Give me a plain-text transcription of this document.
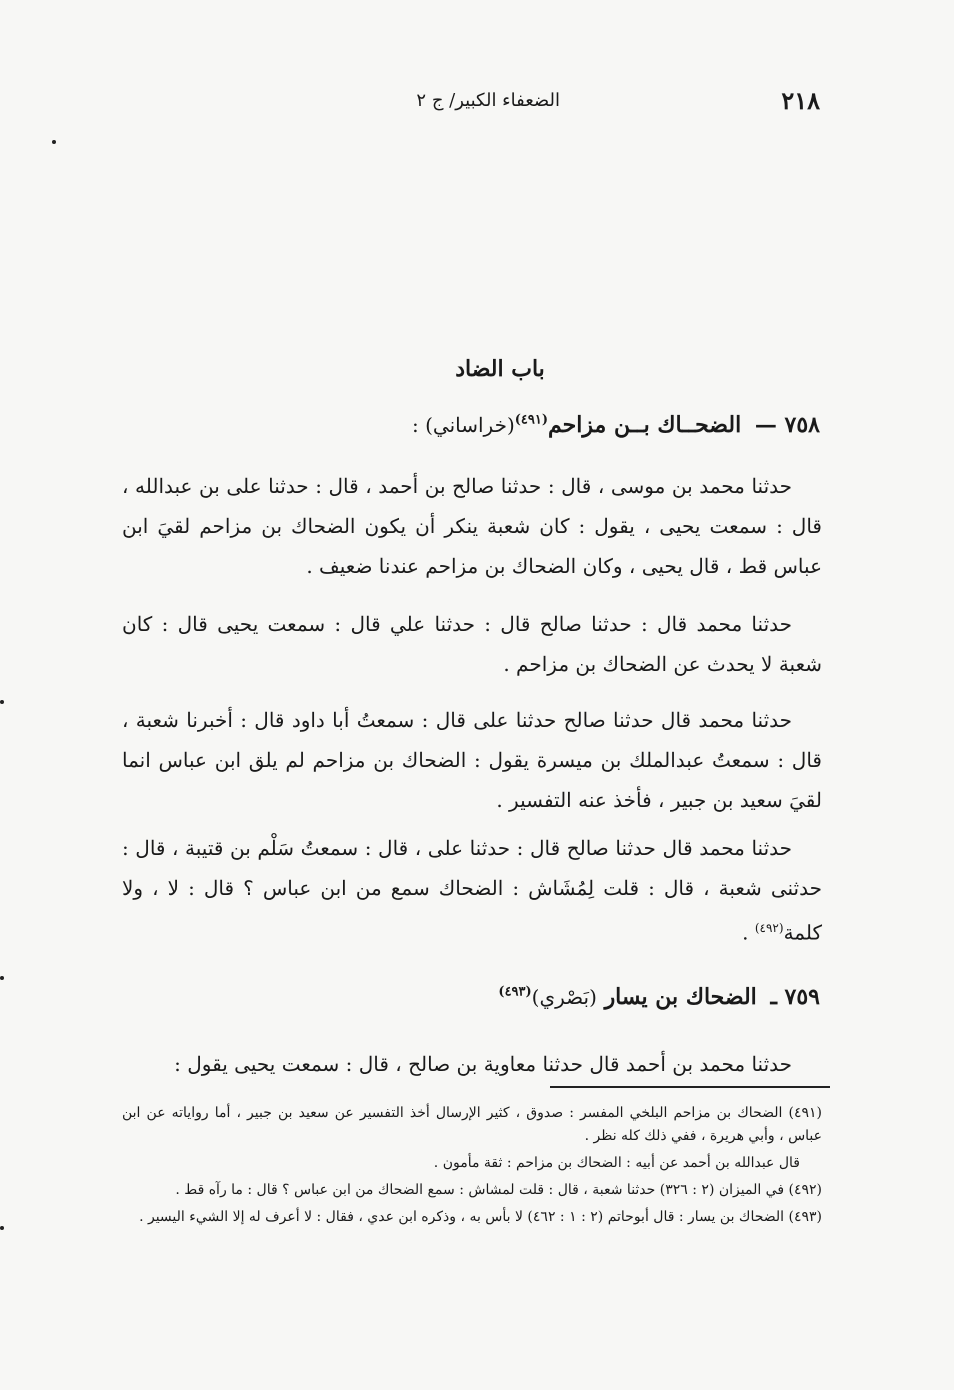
٢١٨
الضعفاء الكبير/ ج ٢
باب الضاد
٧٥٨ — الضحــاك بــن مزاحم$^{(٤٩١)}$(خراساني) :
حدثنا محمد بن موسى ، قال : حدثنا صالح بن أحمد ، قال : حدثنا على بن عبدالله ، قال : سمعت يحيى ، يقول : كان شعبة ينكر أن يكون الضحاك بن مزاحم لقيَ ابن عباس قط ، قال يحيى ، وكان الضحاك بن مزاحم عندنا ضعيف .
حدثنا محمد قال : حدثنا صالح قال : حدثنا علي قال : سمعت يحيى قال : كان شعبة لا يحدث عن الضحاك بن مزاحم .
حدثنا محمد قال حدثنا صالح حدثنا على قال : سمعتُ أبا داود قال : أخبرنا شعبة ، قال : سمعتُ عبدالملك بن ميسرة يقول : الضحاك بن مزاحم لم يلق ابن عباس انما لقيَ سعيد بن جبير ، فأخذ عنه التفسير .
حدثنا محمد قال حدثنا صالح قال : حدثنا على ، قال : سمعتُ سَلْم بن قتيبة ، قال : حدثنى شعبة ، قال : قلت لِمُشَاش : الضحاك سمع من ابن عباس ؟ قال : لا ، ولا كلمة$^{(٤٩٢)}$ .
٧٥٩ ـ الضحاك بن يسار (بَصْري)$^{(٤٩٣)}$
حدثنا محمد بن أحمد قال حدثنا معاوية بن صالح ، قال : سمعت يحيى يقول :

(٤٩١) الضحاك بن مزاحم البلخي المفسر : صدوق ، كثير الإرسال أخذ التفسير عن سعيد بن جبير ، أما رواياته عن ابن عباس ، وأبي هريرة ، ففي ذلك كله نظر .

قال عبدالله بن أحمد عن أبيه : الضحاك بن مزاحم : ثقة مأمون .

(٤٩٢) في الميزان (٢ : ٣٢٦) حدثنا شعبة ، قال : قلت لمشاش : سمع الضحاك من ابن عباس ؟ قال : ما رآه قط .

(٤٩٣) الضحاك بن يسار : قال أبوحاتم (٢ : ١ : ٤٦٢) لا بأس به ، وذكره ابن عدي ، فقال : لا أعرف له إلا الشيء اليسير .
